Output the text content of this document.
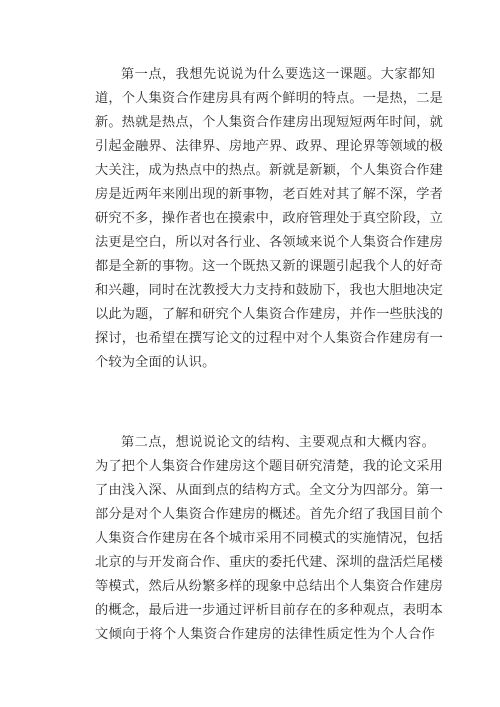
第一点，我想先说说为什么要选这一课题。大家都知
道，个人集资合作建房具有两个鲜明的特点。一是热，二是
新。热就是热点，个人集资合作建房出现短短两年时间，就
引起金融界、法律界、房地产界、政界、理论界等领域的极
大关注，成为热点中的热点。新就是新颖，个人集资合作建
房是近两年来刚出现的新事物，老百姓对其了解不深，学者
研究不多，操作者也在摸索中，政府管理处于真空阶段，立
法更是空白，所以对各行业、各领域来说个人集资合作建房
都是全新的事物。这一个既热又新的课题引起我个人的好奇
和兴趣，同时在沈教授大力支持和鼓励下，我也大胆地决定
以此为题，了解和研究个人集资合作建房，并作一些肤浅的
探讨，也希望在撰写论文的过程中对个人集资合作建房有一
个较为全面的认识。
第二点，想说说论文的结构、主要观点和大概内容。
为了把个人集资合作建房这个题目研究清楚，我的论文采用
了由浅入深、从面到点的结构方式。全文分为四部分。第一
部分是对个人集资合作建房的概述。首先介绍了我国目前个
人集资合作建房在各个城市采用不同模式的实施情况，包括
北京的与开发商合作、重庆的委托代建、深圳的盘活烂尾楼
等模式，然后从纷繁多样的现象中总结出个人集资合作建房
的概念，最后进一步通过评析目前存在的多种观点，表明本
文倾向于将个人集资合作建房的法律性质定性为个人合作
